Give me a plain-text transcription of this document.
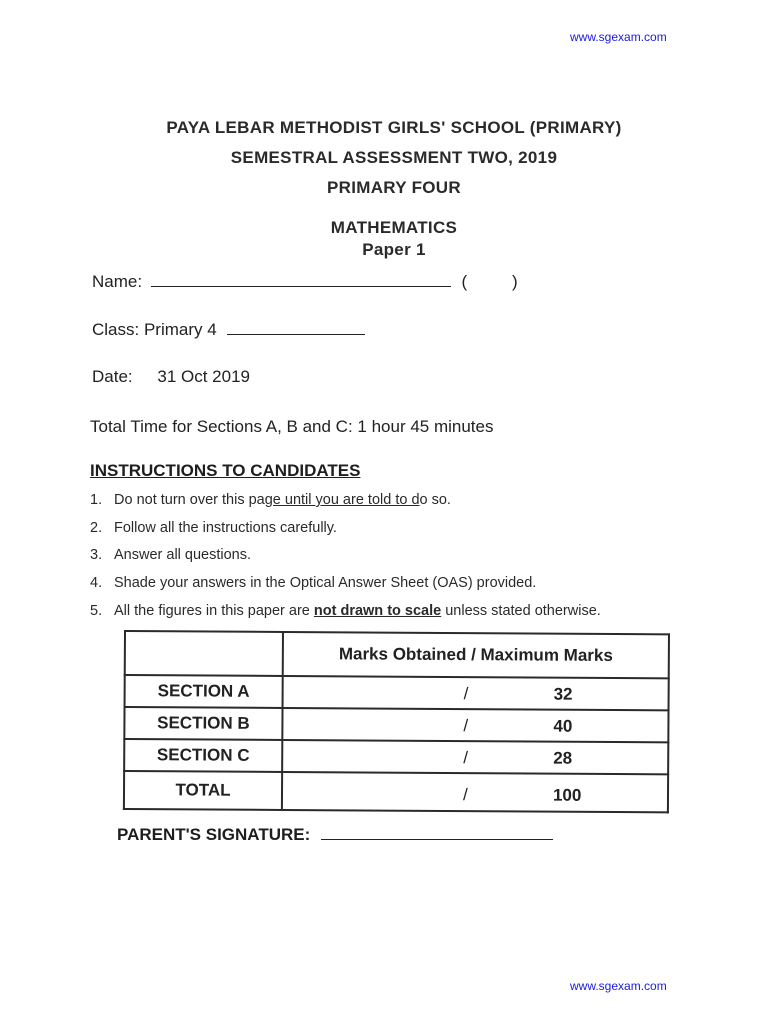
www.sgexam.com
www.sgexam.com
PAYA LEBAR METHODIST GIRLS' SCHOOL (PRIMARY)
SEMESTRAL ASSESSMENT TWO, 2019
PRIMARY FOUR
MATHEMATICS
Paper 1
Name:	(	)
Class: Primary 4
Date: 31 Oct 2019
Total Time for Sections A, B and C: 1 hour 45 minutes
INSTRUCTIONS TO CANDIDATES
1. Do not turn over this page until you are told to do so.
2. Follow all the instructions carefully.
3. Answer all questions.
4. Shade your answers in the Optical Answer Sheet (OAS) provided.
5. All the figures in this paper are not drawn to scale unless stated otherwise.
	Marks Obtained / Maximum Marks
SECTION A	/ 32

SECTION B	/ 40

SECTION C	/ 28

TOTAL	/ 100
PARENT'S SIGNATURE:
